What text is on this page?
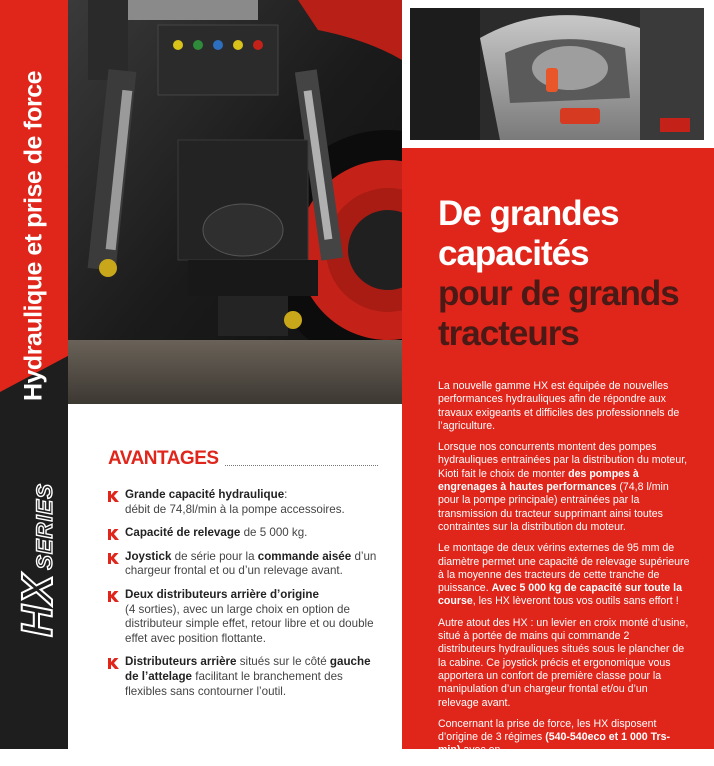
Hydraulique et prise de force
HXSERIES
De grandes
capacités
pour de grands
tracteurs

La nouvelle gamme HX est équipée de nouvelles performances hydrauliques afin de répondre aux travaux exigeants et difficiles des professionnels de l’agriculture.

Lorsque nos concurrents montent des pompes hydrauliques entrainées par la distribution du moteur, Kioti fait le choix de monter des pompes à engrenages à hautes performances (74,8 l/min pour la pompe principale) entrainées par la transmission du tracteur supprimant ainsi toutes contraintes sur la distribution du moteur.

Le montage de deux vérins externes de 95 mm de diamètre permet une capacité de relevage supérieure à la moyenne des tracteurs de cette tranche de puissance. Avec 5 000 kg de capacité sur toute la course, les HX lèveront tous vos outils sans effort !

Autre atout des HX : un levier en croix monté d’usine, situé à portée de mains qui commande 2 distributeurs hydrauliques situés sous le plancher de la cabine. Ce joystick précis et ergonomique vous apportera un confort de première classe pour la manipulation d’un chargeur frontal et/ou d’un relevage avant.

Concernant la prise de force, les HX disposent d’origine de 3 régimes (540-540eco et 1 000 Trs-min) avec en

AVANTAGES
Grande capacité hydraulique:
débit de 74,8l/min à la pompe accessoires.
Capacité de relevage de 5 000 kg.
Joystick de série pour la commande aisée d’un chargeur frontal et ou d’un relevage avant.
Deux distributeurs arrière d’origine
(4 sorties), avec un large choix en option de distributeur simple effet, retour libre et ou double effet avec position flottante.
Distributeurs arrière situés sur le côté gauche de l’attelage facilitant le branchement des flexibles sans contourner l’outil.
